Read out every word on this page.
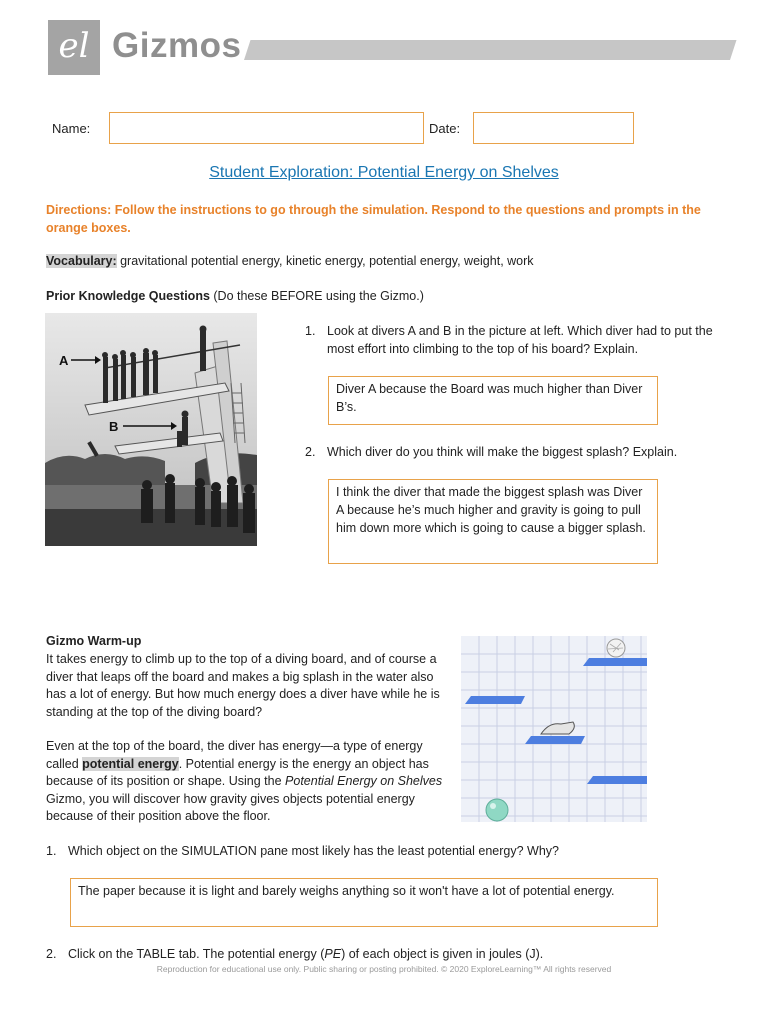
el Gizmos
Name:	Date:
Student Exploration: Potential Energy on Shelves
Directions: Follow the instructions to go through the simulation. Respond to the questions and prompts in the orange boxes.
Vocabulary: gravitational potential energy, kinetic energy, potential energy, weight, work
Prior Knowledge Questions (Do these BEFORE using the Gizmo.)
A
B
1. Look at divers A and B in the picture at left. Which diver had to put the most effort into climbing to the top of his board? Explain.
Diver A because the Board was much higher than Diver B’s.
2. Which diver do you think will make the biggest splash? Explain.
I think the diver that made the biggest splash was Diver A because he’s much higher and gravity is going to pull him down more which is going to cause a bigger splash.
Gizmo Warm-up
It takes energy to climb up to the top of a diving board, and of course a diver that leaps off the board and makes a big splash in the water also has a lot of energy. But how much energy does a diver have while he is standing at the top of the diving board?
Even at the top of the board, the diver has energy—a type of energy called potential energy. Potential energy is the energy an object has because of its position or shape. Using the Potential Energy on Shelves Gizmo, you will discover how gravity gives objects potential energy because of their position above the floor.
1. Which object on the SIMULATION pane most likely has the least potential energy? Why?
The paper because it is light and barely weighs anything so it won't have a lot of potential energy.
2. Click on the TABLE tab. The potential energy (PE) of each object is given in joules (J).
Reproduction for educational use only. Public sharing or posting prohibited. © 2020 ExploreLearning™ All rights reserved
